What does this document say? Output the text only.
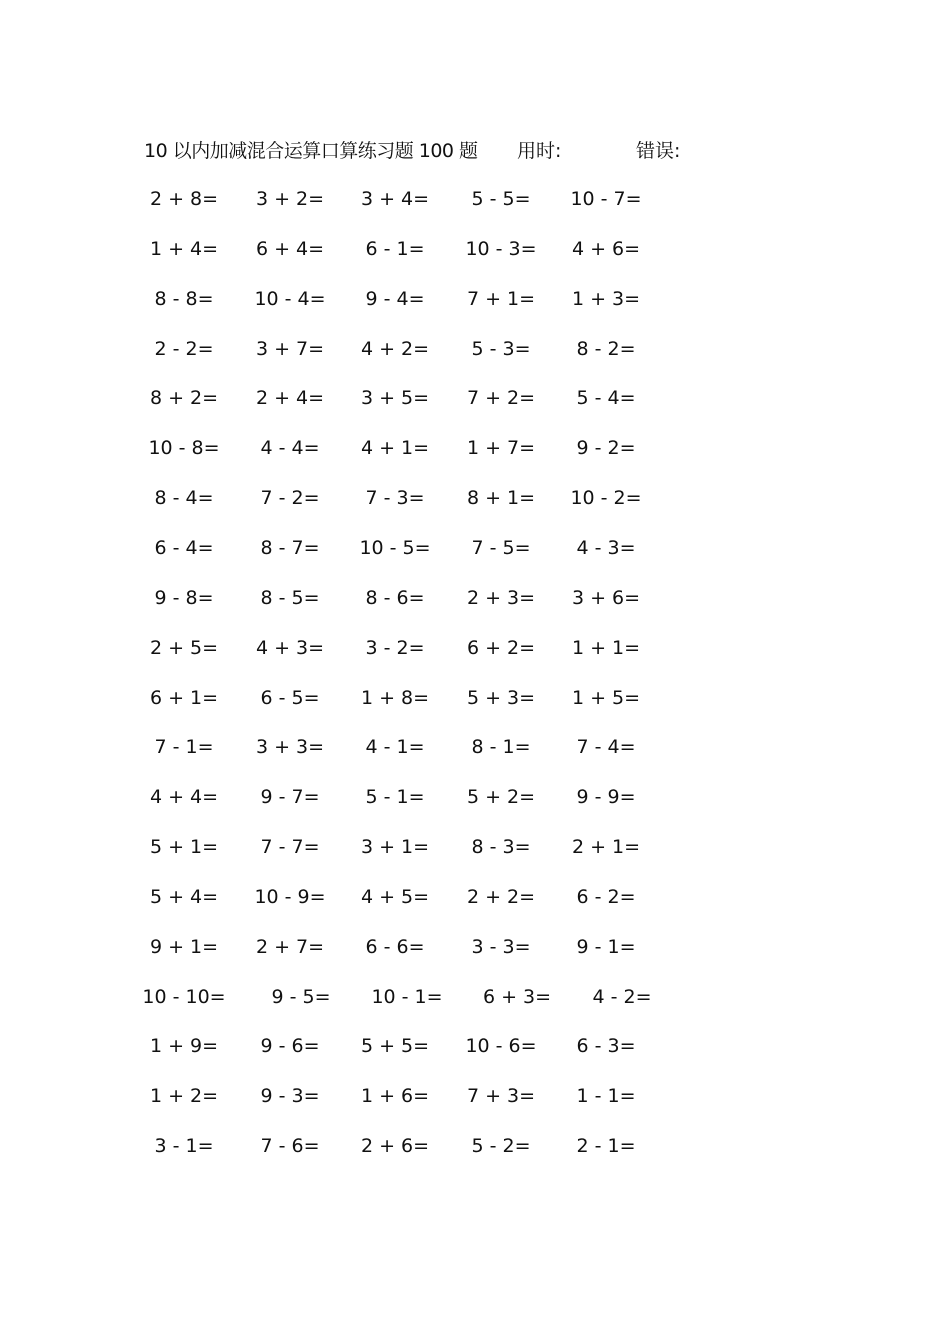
10 以内加减混合运算口算练习题 100 题 用时:	错误:
2 + 8=	3 + 2=	3 + 4=	5 - 5=	10 - 7=
1 + 4=	6 + 4=	6 - 1=	10 - 3=	4 + 6=
8 - 8=	10 - 4=	9 - 4=	7 + 1=	1 + 3=
2 - 2=	3 + 7=	4 + 2=	5 - 3=	8 - 2=
8 + 2=	2 + 4=	3 + 5=	7 + 2=	5 - 4=
10 - 8=	4 - 4=	4 + 1=	1 + 7=	9 - 2=
8 - 4=	7 - 2=	7 - 3=	8 + 1=	10 - 2=
6 - 4=	8 - 7=	10 - 5=	7 - 5=	4 - 3=
9 - 8=	8 - 5=	8 - 6=	2 + 3=	3 + 6=
2 + 5=	4 + 3=	3 - 2=	6 + 2=	1 + 1=
6 + 1=	6 - 5=	1 + 8=	5 + 3=	1 + 5=
7 - 1=	3 + 3=	4 - 1=	8 - 1=	7 - 4=
4 + 4=	9 - 7=	5 - 1=	5 + 2=	9 - 9=
5 + 1=	7 - 7=	3 + 1=	8 - 3=	2 + 1=
5 + 4=	10 - 9=	4 + 5=	2 + 2=	6 - 2=
9 + 1=	2 + 7=	6 - 6=	3 - 3=	9 - 1=
10 - 10=	9 - 5=	10 - 1=	6 + 3=	4 - 2=
1 + 9=	9 - 6=	5 + 5=	10 - 6=	6 - 3=
1 + 2=	9 - 3=	1 + 6=	7 + 3=	1 - 1=
3 - 1=	7 - 6=	2 + 6=	5 - 2=	2 - 1=
